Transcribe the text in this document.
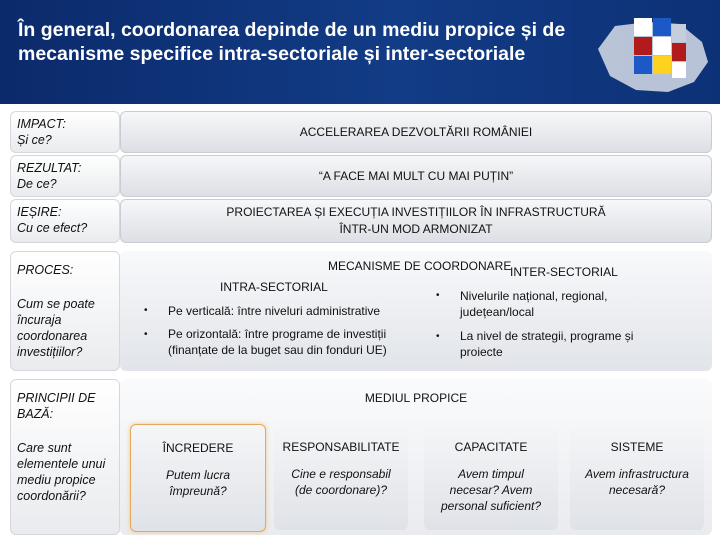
În general, coordonarea depinde de un mediu propice și de mecanisme specifice intra-sectoriale și inter-sectoriale
IMPACT:
Și ce?
ACCELERAREA DEZVOLTĂRII ROMÂNIEI
REZULTAT:
De ce?
“A FACE MAI MULT CU MAI PUȚIN”
IEȘIRE:
Cu ce efect?
PROIECTAREA ȘI EXECUȚIA INVESTIȚIILOR ÎN INFRASTRUCTURĂ ÎNTR-UN MOD ARMONIZAT
PROCES:
Cum se poate încuraja coordonarea investițiilor?
MECANISME DE COORDONARE
INTER-SECTORIAL
INTRA-SECTORIAL
• Pe verticală: între niveluri administrative
• Pe orizontală: între programe de investiții (finanțate de la buget sau din fonduri UE)
• Nivelurile național, regional, județean/local
• La nivel de strategii, programe și proiecte
PRINCIPII DE BAZĂ:
Care sunt elementele unui mediu propice coordonării?
MEDIUL PROPICE
ÎNCREDERE
Putem lucra împreună?
RESPONSABILITATE
Cine e responsabil (de coordonare)?
CAPACITATE
Avem timpul necesar? Avem personal suficient?
SISTEME
Avem infrastructura necesară?
